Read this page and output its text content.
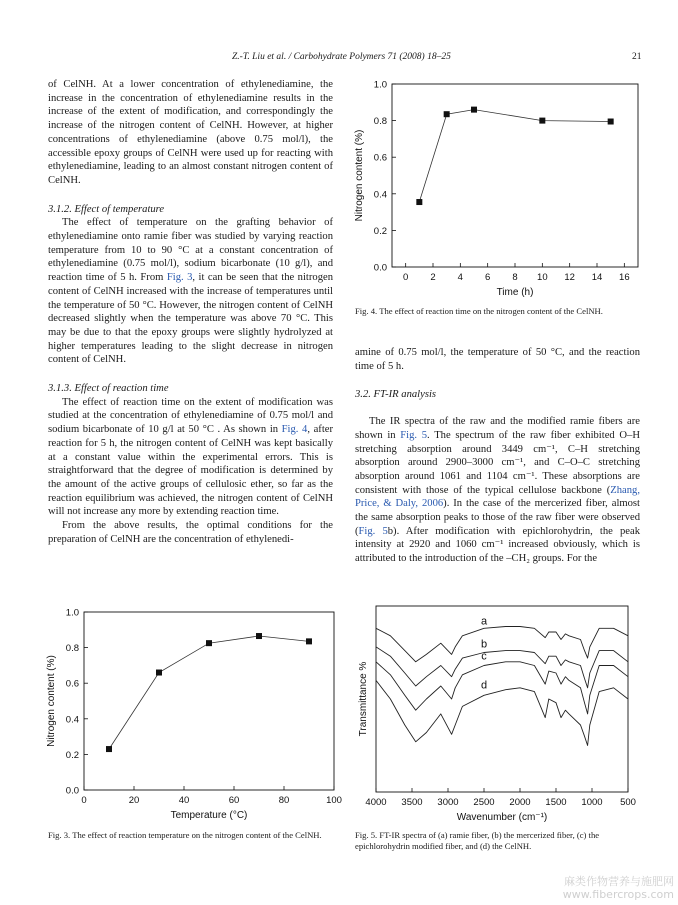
Z.-T. Liu et al. / Carbohydrate Polymers 71 (2008) 18–25	21

of CelNH. At a lower concentration of ethylenediamine, the increase in the concentration of ethylenediamine results in the increase of the extent of modification, and correspondingly the increase of the nitrogen content of CelNH. However, at higher concentrations of ethylenediamine (above 0.75 mol/l), the accessible epoxy groups of CelNH were used up for reacting with ethylenediamine, leading to an almost constant nitrogen content of CelNH.

3.1.2. Effect of temperature

The effect of temperature on the grafting behavior of ethylenediamine onto ramie fiber was studied by varying reaction temperature from 10 to 90 °C at a constant concentration of ethylenediamine (0.75 mol/l), sodium bicarbonate (10 g/l), and reaction time of 5 h. From Fig. 3, it can be seen that the nitrogen content of CelNH increased with the increase of temperatures until the temperature of 50 °C. However, the nitrogen content of CelNH decreased slightly when the temperature was above 70 °C. This may be due to that the epoxy groups were slightly hydrolyzed at higher temperatures leading to the slight decrease in nitrogen content of CelNH.

3.1.3. Effect of reaction time

The effect of reaction time on the extent of modification was studied at the concentration of ethylenediamine of 0.75 mol/l and sodium bicarbonate of 10 g/l at 50 °C . As shown in Fig. 4, after reaction for 5 h, the nitrogen content of CelNH was kept basically at a constant value within the experimental errors. This is straightforward that the degree of modification is determined by the amount of the active groups of cellulosic ether, so far as the reaction equilibrium was achieved, the nitrogen content of CelNH will not increase any more by extending reaction time.

From the above results, the optimal conditions for the preparation of CelNH are the concentration of ethylenedi-

amine of 0.75 mol/l, the temperature of 50 °C, and the reaction time of 5 h.

3.2. FT-IR analysis

The IR spectra of the raw and the modified ramie fibers are shown in Fig. 5. The spectrum of the raw fiber exhibited O–H stretching absorption around 3449 cm⁻¹, C–H stretching absorption around 2900–3000 cm⁻¹, and C–O–C stretching absorption around 1061 and 1104 cm⁻¹. These absorptions are consistent with those of the typical cellulose backbone (Zhang, Price, & Daly, 2006). In the case of the mercerized fiber, almost the same absorption peaks to those of the raw fiber were observed (Fig. 5b). After modification with epichlorohydrin, the peak intensity at 2920 and 1060 cm⁻¹ increased obviously, which is attributed to the introduction of the –CH₂ groups. For the

0 2 4 6 8 10 12 14 16
0.0
0.2
0.4
0.6
0.8
1.0
Time (h)
Nitrogen content (%)
Fig. 4. The effect of reaction time on the nitrogen content of the CelNH.
0	20	40	60	80	100
0.0
0.2
0.4
0.6
0.8
1.0
Temperature (°C)
Nitrogen content (%)
Fig. 3. The effect of reaction temperature on the nitrogen content of the CelNH.
4000 3500 3000 2500 2000 1500 1000 500
a
b
c
d
Wavenumber (cm⁻¹)
Transmittance %
Fig. 5. FT-IR spectra of (a) ramie fiber, (b) the mercerized fiber, (c) the epichlorohydrin modified fiber, and (d) the CelNH.
麻类作物营养与施肥网
www.fibercrops.com
